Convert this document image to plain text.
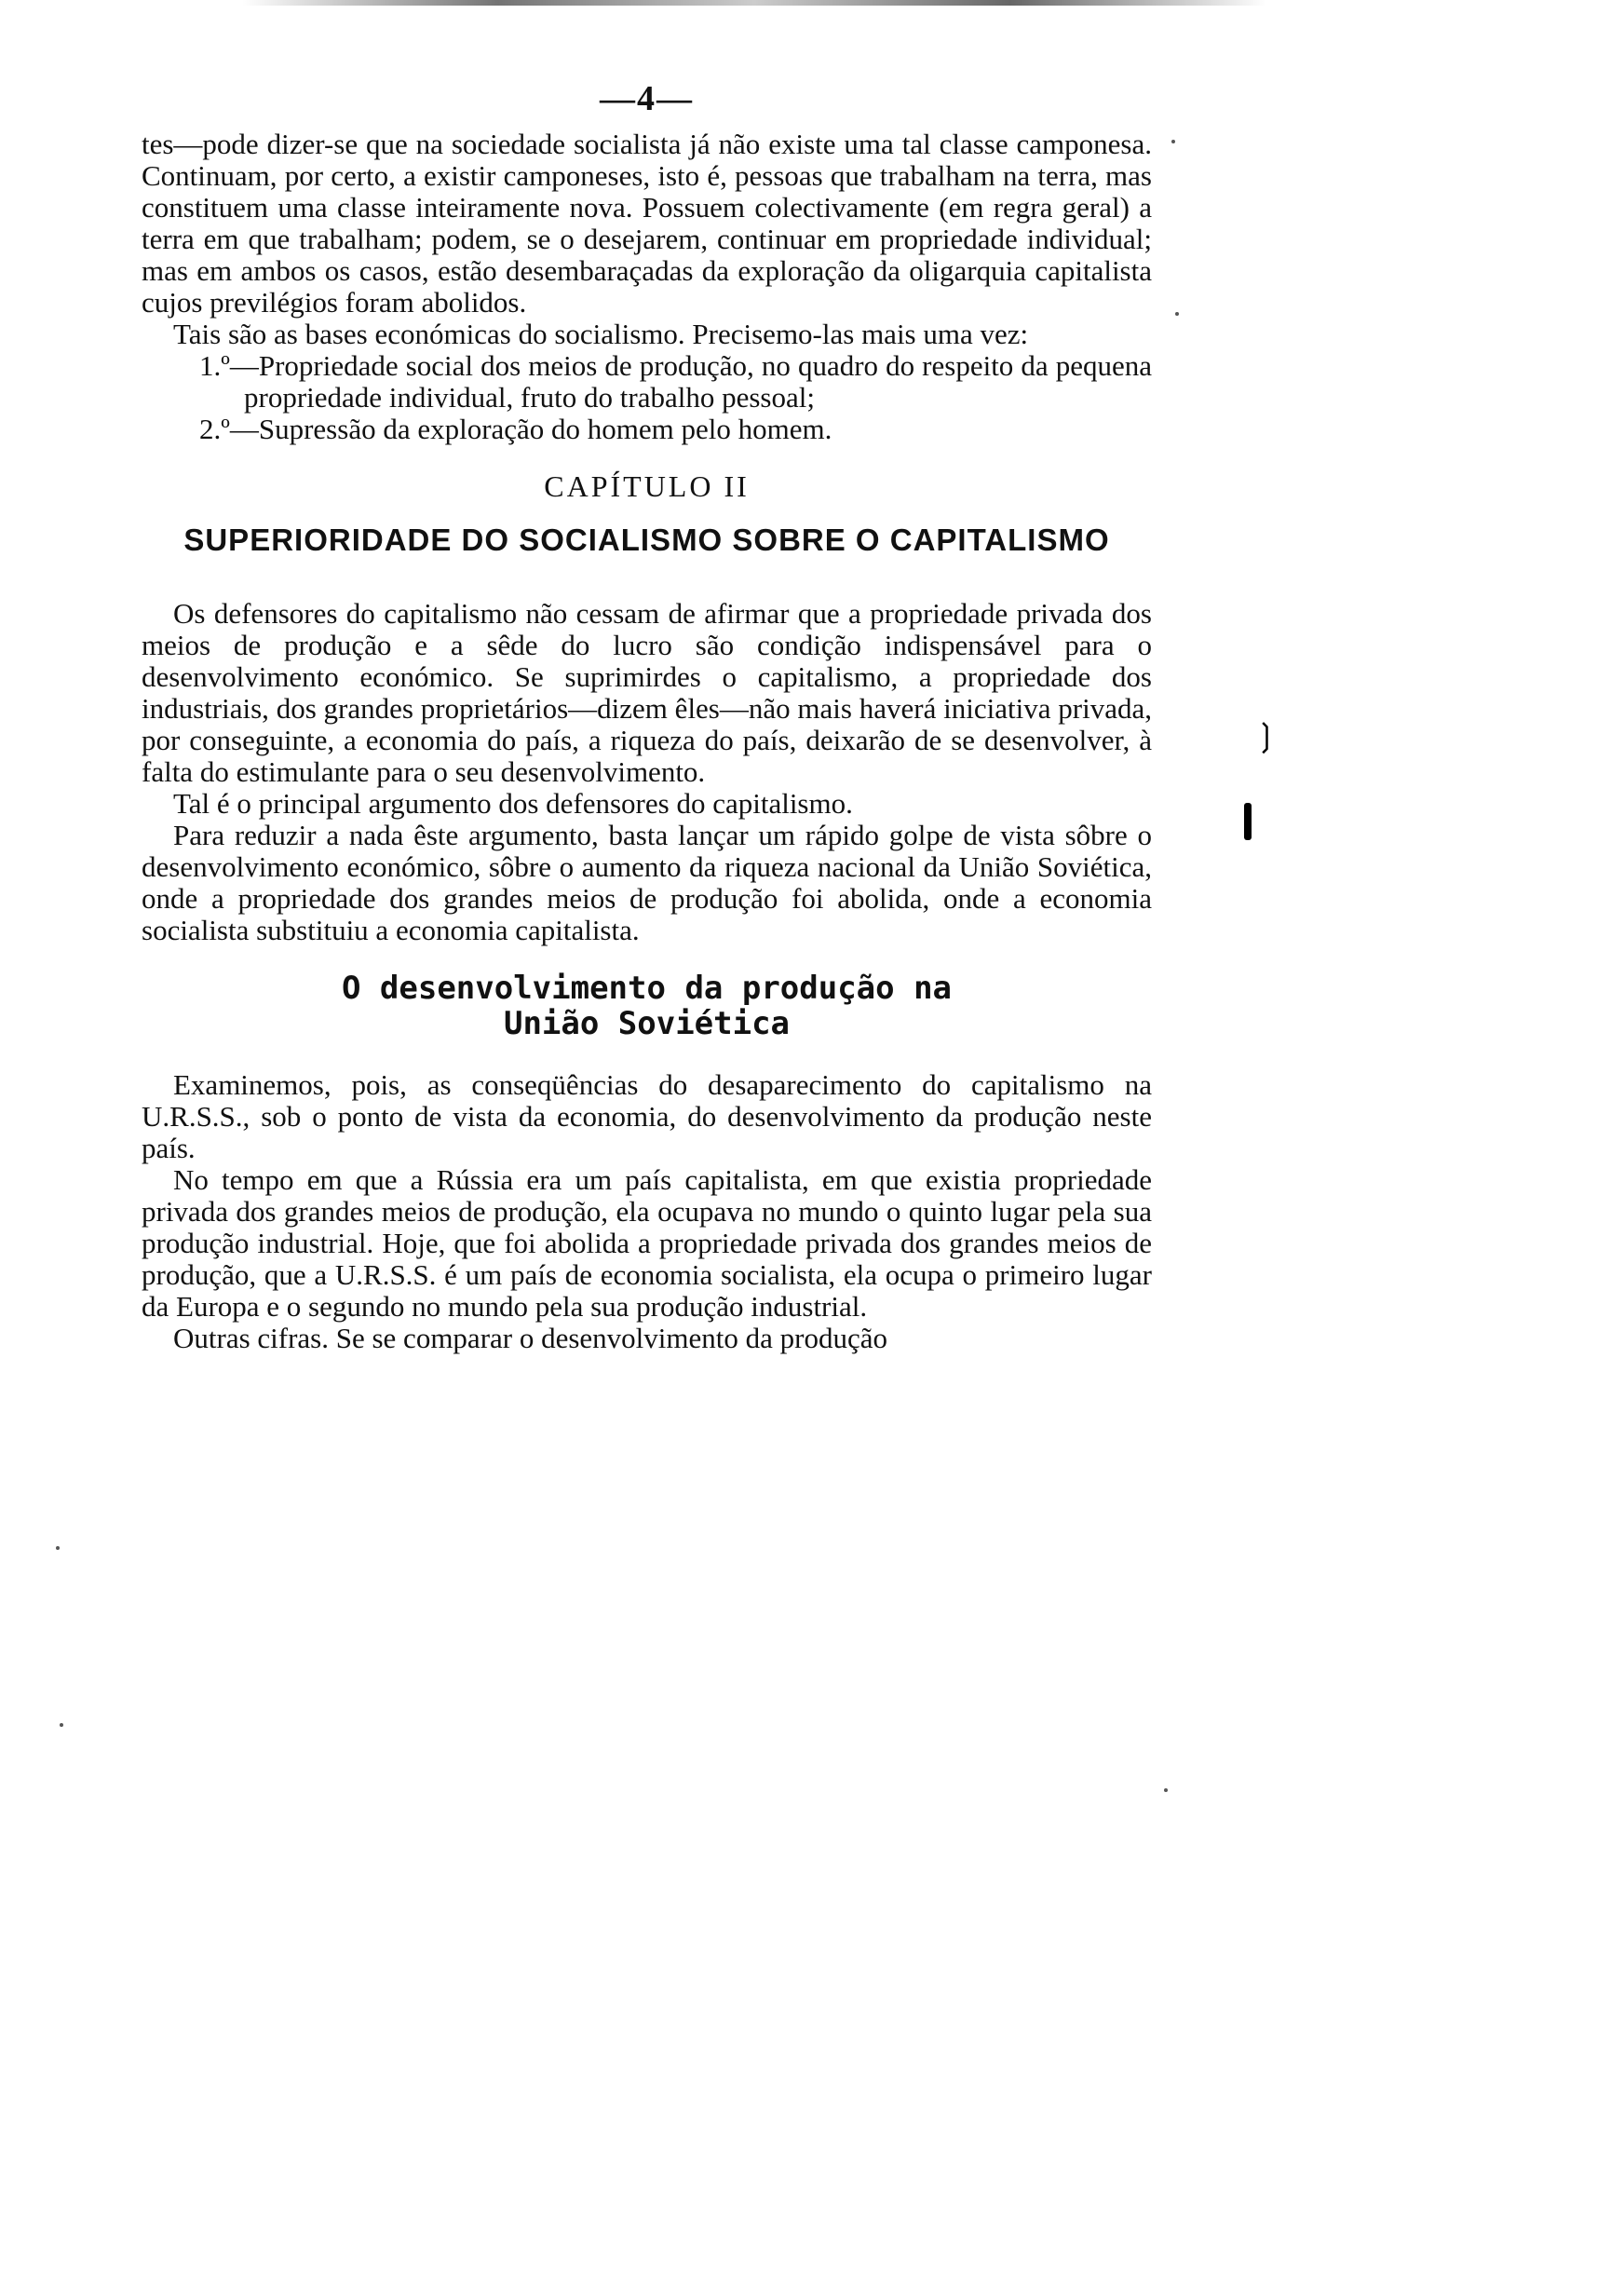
—4—

tes—pode dizer-se que na sociedade socialista já não existe uma tal classe camponesa. Continuam, por certo, a existir camponeses, isto é, pessoas que trabalham na terra, mas constituem uma classe inteiramente nova. Possuem colectivamente (em regra geral) a terra em que trabalham; podem, se o desejarem, continuar em propriedade individual; mas em ambos os casos, estão desembaraçadas da exploração da oligarquia capitalista cujos previlégios foram abolidos.

Tais são as bases económicas do socialismo. Precisemo-las mais uma vez:

1.º—Propriedade social dos meios de produção, no quadro do respeito da pequena propriedade individual, fruto do trabalho pessoal;
2.º—Supressão da exploração do homem pelo homem.
CAPÍTULO II
SUPERIORIDADE DO SOCIALISMO SOBRE O CAPITALISMO

Os defensores do capitalismo não cessam de afirmar que a propriedade privada dos meios de produção e a sêde do lucro são condição indispensável para o desenvolvimento económico. Se suprimirdes o capitalismo, a propriedade dos industriais, dos grandes proprietários—dizem êles—não mais haverá iniciativa privada, por conseguinte, a economia do país, a riqueza do país, deixarão de se desenvolver, à falta do estimulante para o seu desenvolvimento.

Tal é o principal argumento dos defensores do capitalismo.

Para reduzir a nada êste argumento, basta lançar um rápido golpe de vista sôbre o desenvolvimento económico, sôbre o aumento da riqueza nacional da União Soviética, onde a propriedade dos grandes meios de produção foi abolida, onde a economia socialista substituiu a economia capitalista.

O desenvolvimento da produção na
União Soviética

Examinemos, pois, as conseqüências do desaparecimento do capitalismo na U.R.S.S., sob o ponto de vista da economia, do desenvolvimento da produção neste país.

No tempo em que a Rússia era um país capitalista, em que existia propriedade privada dos grandes meios de produção, ela ocupava no mundo o quinto lugar pela sua produção industrial. Hoje, que foi abolida a propriedade privada dos grandes meios de produção, que a U.R.S.S. é um país de economia socialista, ela ocupa o primeiro lugar da Europa e o segundo no mundo pela sua produção industrial.

Outras cifras. Se se comparar o desenvolvimento da produção

❳
